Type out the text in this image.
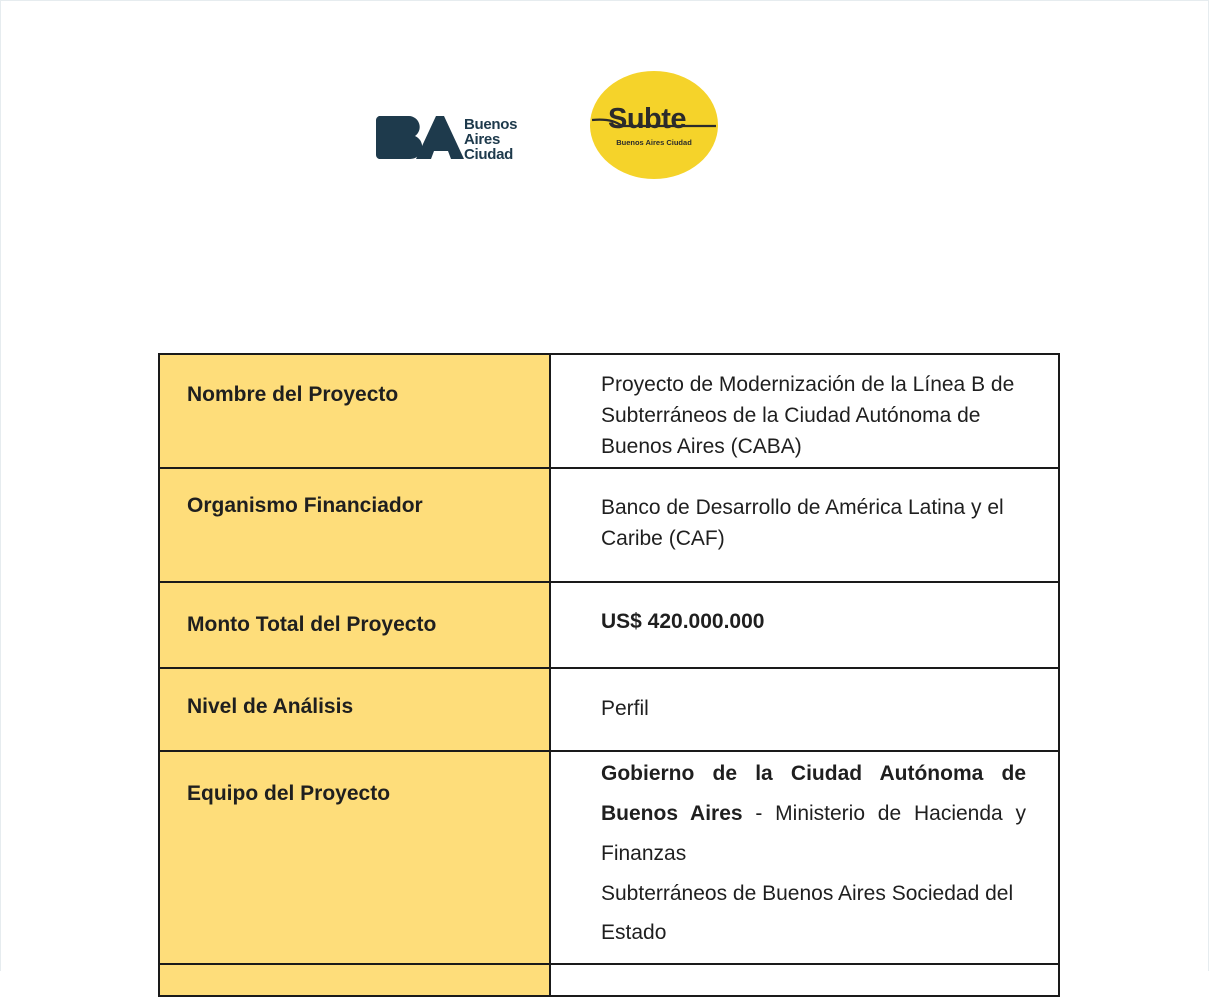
Buenos
Aires
Ciudad
Subte
Buenos Aires Ciudad
Nombre del Proyecto	Proyecto de Modernización de la Línea B de Subterráneos de la Ciudad Autónoma de Buenos Aires (CABA)

Organismo Financiador	Banco de Desarrollo de América Latina y el Caribe (CAF)

Monto Total del Proyecto	US$ 420.000.000

Nivel de Análisis	Perfil

Equipo del Proyecto	Gobierno de la Ciudad Autónoma de Buenos Aires - Ministerio de Hacienda y Finanzas
Subterráneos de Buenos Aires Sociedad del Estado
